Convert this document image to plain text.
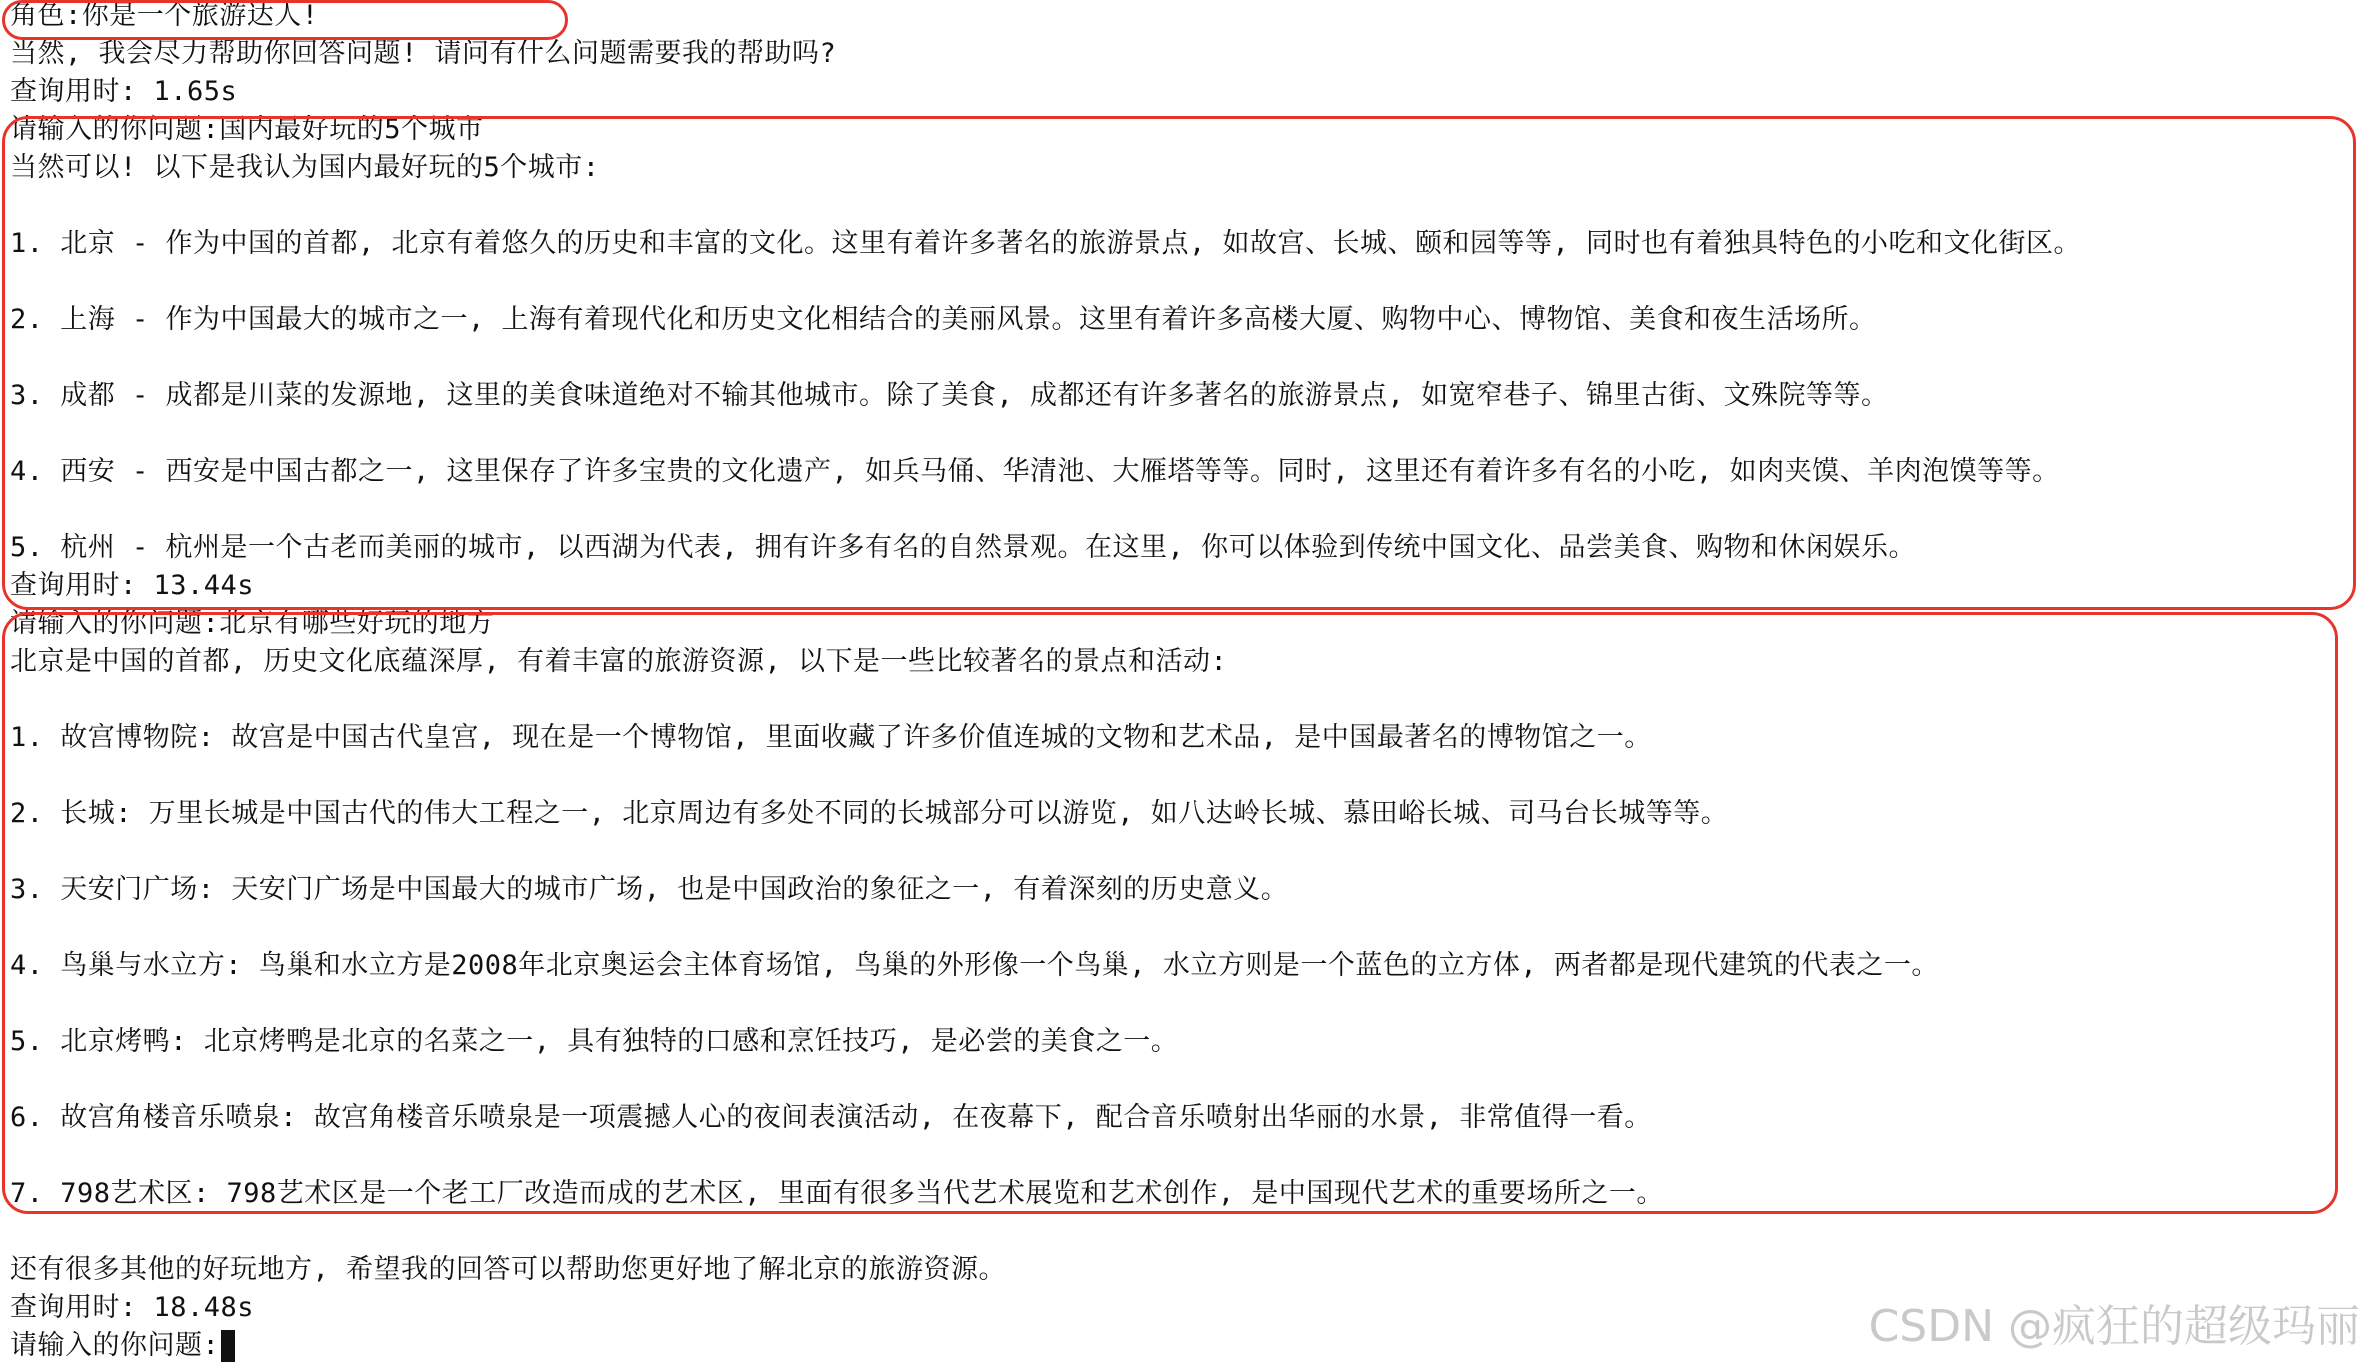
角色:你是一个旅游达人!
当然, 我会尽力帮助你回答问题! 请问有什么问题需要我的帮助吗?
查询用时: 1.65s
请输入的你问题:国内最好玩的5个城市
当然可以! 以下是我认为国内最好玩的5个城市:
1. 北京 - 作为中国的首都, 北京有着悠久的历史和丰富的文化。这里有着许多著名的旅游景点, 如故宫、长城、颐和园等等, 同时也有着独具特色的小吃和文化街区。
2. 上海 - 作为中国最大的城市之一, 上海有着现代化和历史文化相结合的美丽风景。这里有着许多高楼大厦、购物中心、博物馆、美食和夜生活场所。
3. 成都 - 成都是川菜的发源地, 这里的美食味道绝对不输其他城市。除了美食, 成都还有许多著名的旅游景点, 如宽窄巷子、锦里古街、文殊院等等。
4. 西安 - 西安是中国古都之一, 这里保存了许多宝贵的文化遗产, 如兵马俑、华清池、大雁塔等等。同时, 这里还有着许多有名的小吃, 如肉夹馍、羊肉泡馍等等。
5. 杭州 - 杭州是一个古老而美丽的城市, 以西湖为代表, 拥有许多有名的自然景观。在这里, 你可以体验到传统中国文化、品尝美食、购物和休闲娱乐。
查询用时: 13.44s
请输入的你问题:北京有哪些好玩的地方
北京是中国的首都, 历史文化底蕴深厚, 有着丰富的旅游资源, 以下是一些比较著名的景点和活动:
1. 故宫博物院: 故宫是中国古代皇宫, 现在是一个博物馆, 里面收藏了许多价值连城的文物和艺术品, 是中国最著名的博物馆之一。
2. 长城: 万里长城是中国古代的伟大工程之一, 北京周边有多处不同的长城部分可以游览, 如八达岭长城、慕田峪长城、司马台长城等等。
3. 天安门广场: 天安门广场是中国最大的城市广场, 也是中国政治的象征之一, 有着深刻的历史意义。
4. 鸟巢与水立方: 鸟巢和水立方是2008年北京奥运会主体育场馆, 鸟巢的外形像一个鸟巢, 水立方则是一个蓝色的立方体, 两者都是现代建筑的代表之一。
5. 北京烤鸭: 北京烤鸭是北京的名菜之一, 具有独特的口感和烹饪技巧, 是必尝的美食之一。
6. 故宫角楼音乐喷泉: 故宫角楼音乐喷泉是一项震撼人心的夜间表演活动, 在夜幕下, 配合音乐喷射出华丽的水景, 非常值得一看。
7. 798艺术区: 798艺术区是一个老工厂改造而成的艺术区, 里面有很多当代艺术展览和艺术创作, 是中国现代艺术的重要场所之一。
还有很多其他的好玩地方, 希望我的回答可以帮助您更好地了解北京的旅游资源。
查询用时: 18.48s
请输入的你问题:	CSDN @疯狂的超级玛丽
